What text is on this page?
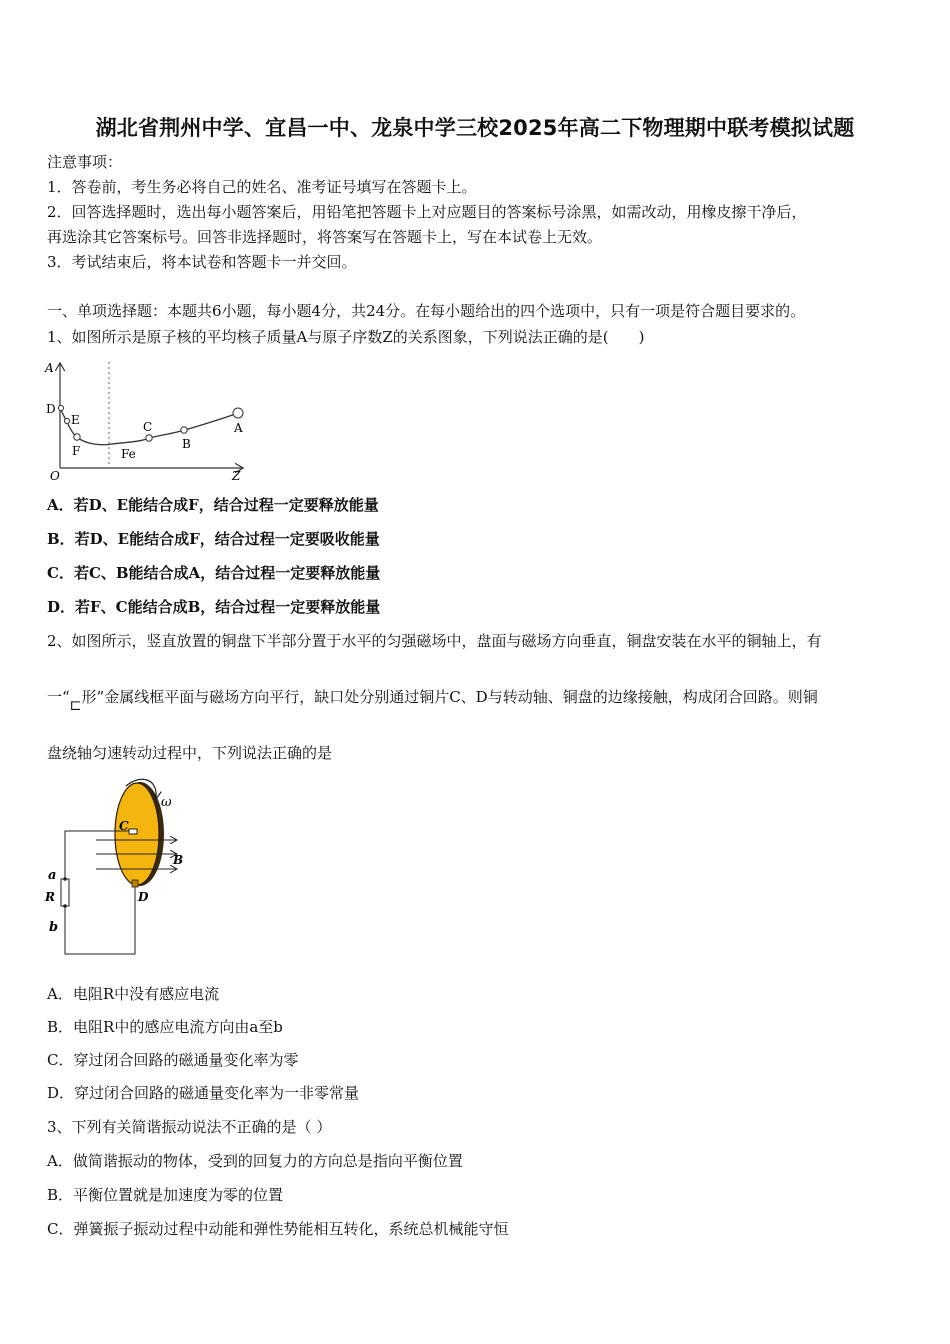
湖北省荆州中学、宜昌一中、龙泉中学三校2025年高二下物理期中联考模拟试题
注意事项：
1．答卷前，考生务必将自己的姓名、准考证号填写在答题卡上。
2．回答选择题时，选出每小题答案后，用铅笔把答题卡上对应题目的答案标号涂黑，如需改动，用橡皮擦干净后，
再选涂其它答案标号。回答非选择题时，将答案写在答题卡上，写在本试卷上无效。
3．考试结束后，将本试卷和答题卡一并交回。
一、单项选择题：本题共6小题，每小题4分，共24分。在每小题给出的四个选项中，只有一项是符合题目要求的。
1、如图所示是原子核的平均核子质量A与原子序数Z的关系图象，下列说法正确的是(　　)
A
Z
O
D
E
F	Fe
C
B
A
A．若D、E能结合成F，结合过程一定要释放能量
B．若D、E能结合成F，结合过程一定要吸收能量
C．若C、B能结合成A，结合过程一定要释放能量
D．若F、C能结合成B，结合过程一定要释放能量
2、如图所示，竖直放置的铜盘下半部分置于水平的匀强磁场中，盘面与磁场方向垂直，铜盘安装在水平的铜轴上，有
一“⊏形”金属线框平面与磁场方向平行，缺口处分别通过铜片C、D与转动轴、铜盘的边缘接触，构成闭合回路。则铜
盘绕轴匀速转动过程中，下列说法正确的是
ω
B
C
D
a
R
b
A．电阻R中没有感应电流
B．电阻R中的感应电流方向由a至b
C．穿过闭合回路的磁通量变化率为零
D．穿过闭合回路的磁通量变化率为一非零常量
3、下列有关简谐振动说法不正确的是（ ）
A．做简谐振动的物体，受到的回复力的方向总是指向平衡位置
B．平衡位置就是加速度为零的位置
C．弹簧振子振动过程中动能和弹性势能相互转化，系统总机械能守恒
